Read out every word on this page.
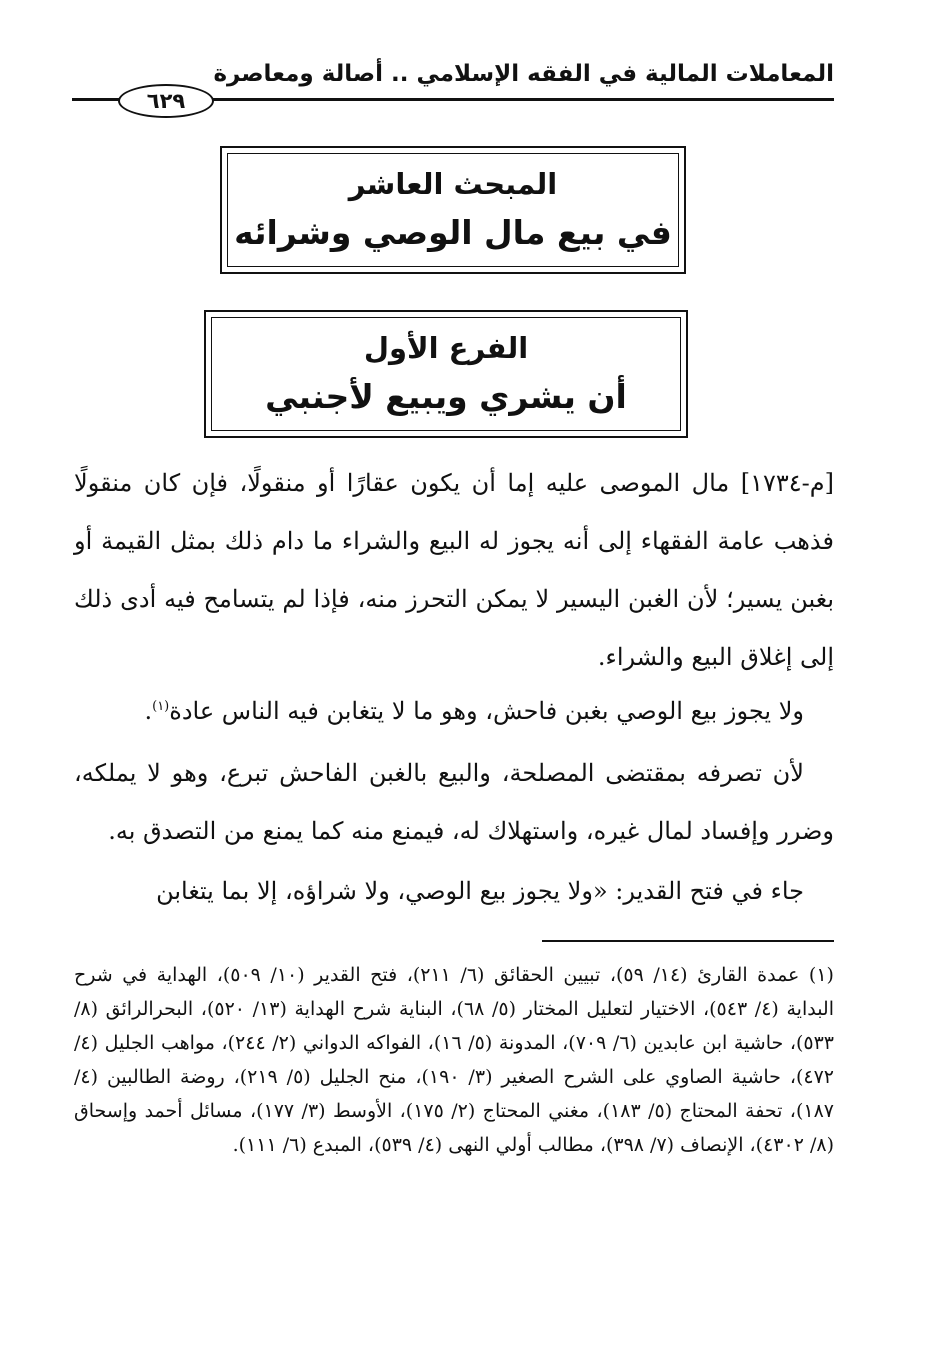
المعاملات المالية في الفقه الإسلامي .. أصالة ومعاصرة
٦٢٩
المبحث العاشر
في بيع مال الوصي وشرائه
الفرع الأول
أن يشري ويبيع لأجنبي

[م-١٧٣٤] مال الموصى عليه إما أن يكون عقارًا أو منقولًا، فإن كان منقولًا فذهب عامة الفقهاء إلى أنه يجوز له البيع والشراء ما دام ذلك بمثل القيمة أو بغبن يسير؛ لأن الغبن اليسير لا يمكن التحرز منه، فإذا لم يتسامح فيه أدى ذلك إلى إغلاق البيع والشراء.

ولا يجوز بيع الوصي بغبن فاحش، وهو ما لا يتغابن فيه الناس عادة$^{(١)}$.

لأن تصرفه بمقتضى المصلحة، والبيع بالغبن الفاحش تبرع، وهو لا يملكه، وضرر وإفساد لمال غيره، واستهلاك له، فيمنع منه كما يمنع من التصدق به.

جاء في فتح القدير: «ولا يجوز بيع الوصي، ولا شراؤه، إلا بما يتغابن

(١) عمدة القارئ (١٤/ ٥٩)، تبيين الحقائق (٦/ ٢١١)، فتح القدير (١٠/ ٥٠٩)، الهداية في شرح البداية (٤/ ٥٤٣)، الاختيار لتعليل المختار (٥/ ٦٨)، البناية شرح الهداية (١٣/ ٥٢٠)، البحرالرائق (٨/ ٥٣٣)، حاشية ابن عابدين (٦/ ٧٠٩)، المدونة (٥/ ١٦)، الفواكه الدواني (٢/ ٢٤٤)، مواهب الجليل (٤/ ٤٧٢)، حاشية الصاوي على الشرح الصغير (٣/ ١٩٠)، منح الجليل (٥/ ٢١٩)، روضة الطالبين (٤/ ١٨٧)، تحفة المحتاج (٥/ ١٨٣)، مغني المحتاج (٢/ ١٧٥)، الأوسط (٣/ ١٧٧)، مسائل أحمد وإسحاق (٨/ ٤٣٠٢)، الإنصاف (٧/ ٣٩٨)، مطالب أولي النهى (٤/ ٥٣٩)، المبدع (٦/ ١١١).
